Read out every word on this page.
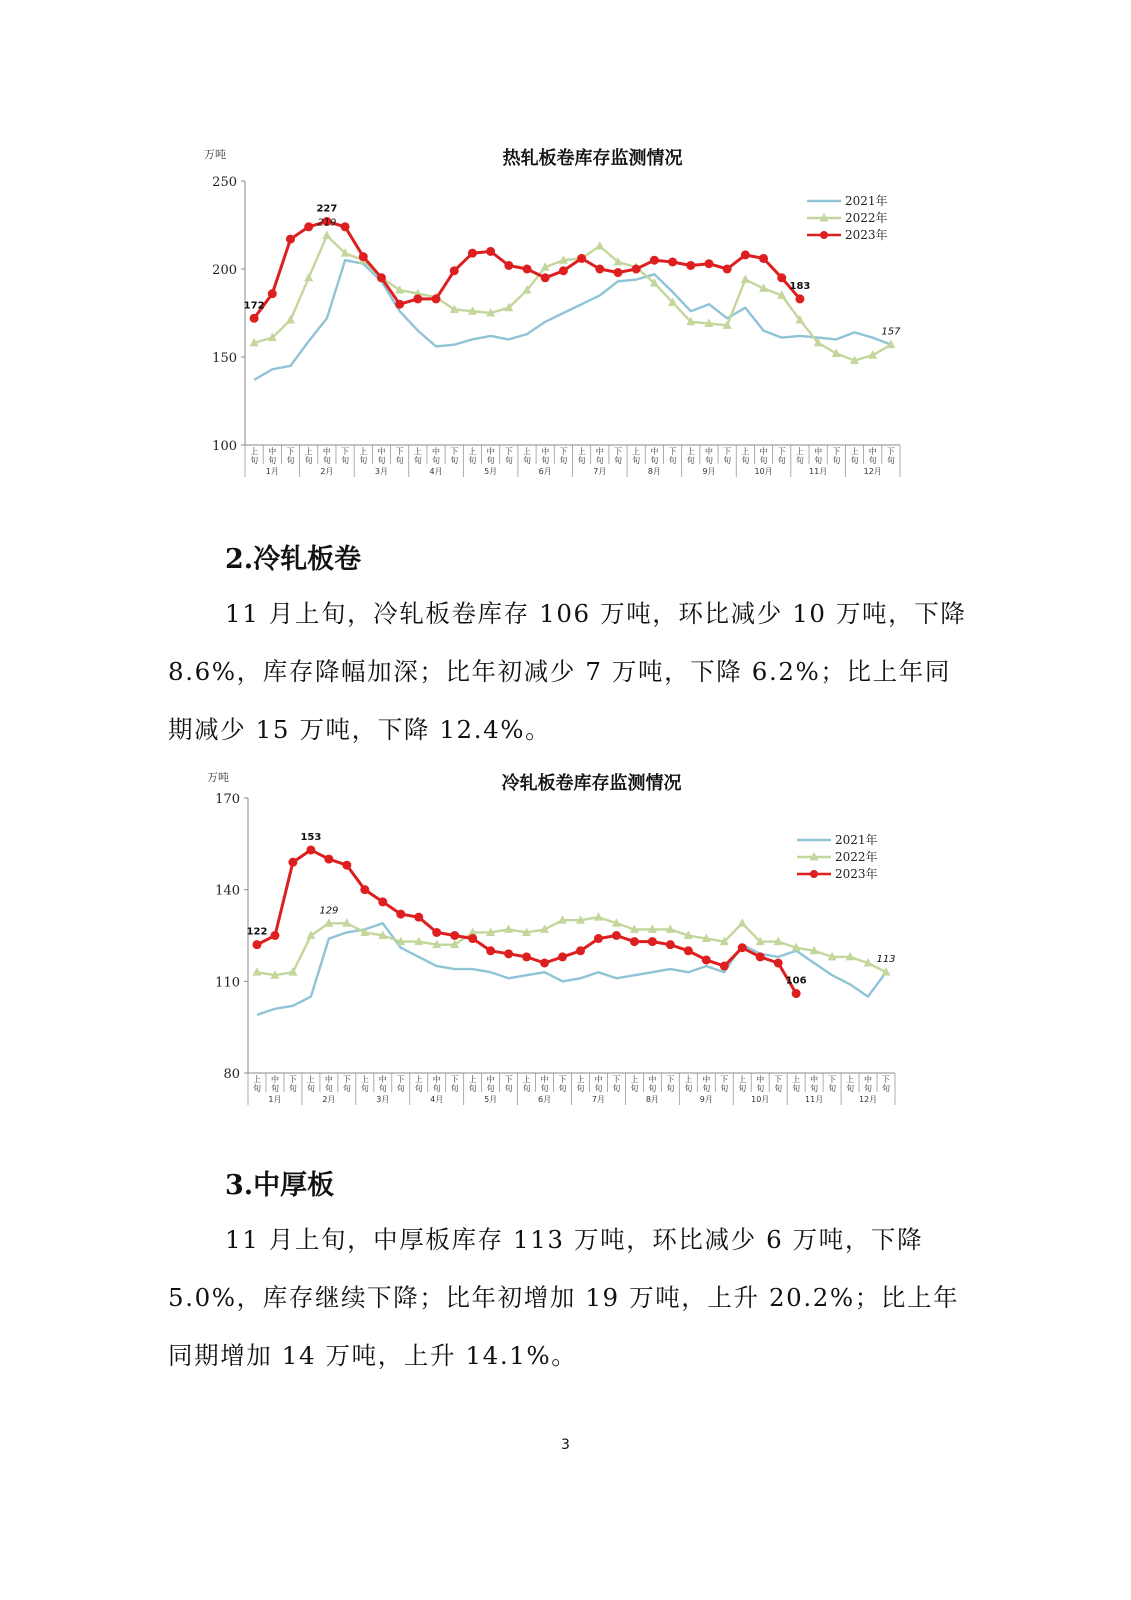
热轧板卷库存监测情况
万吨
100
150
200
250
上
旬
中
旬
下
旬
上
旬
中
旬
下
旬
上
旬
中
旬
下
旬
上
旬
中
旬
下
旬
上
旬
中
旬
下
旬
上
旬
中
旬
下
旬
上
旬
中
旬
下
旬
上
旬
中
旬
下
旬
上
旬
中
旬
下
旬
上
旬
中
旬
下
旬
上
旬
中
旬
下
旬
上
旬
中
旬
下
旬
1月	2月	3月	4月	5月	6月	7月	8月	9月	10月	11月	12月
2021年
2022年
2023年
172
227
219
183
157
2.冷轧板卷

11 月上旬，冷轧板卷库存 106 万吨，环比减少 10 万吨，下降 8.6%，库存降幅加深；比年初减少 7 万吨，下降 6.2%；比上年同期减少 15 万吨，下降 12.4%。

冷轧板卷库存监测情况
万吨
80
110
140
170
上
旬
中
旬
下
旬
上
旬
中
旬
下
旬
上
旬
中
旬
下
旬
上
旬
中
旬
下
旬
上
旬
中
旬
下
旬
上
旬
中
旬
下
旬
上
旬
中
旬
下
旬
上
旬
中
旬
下
旬
上
旬
中
旬
下
旬
上
旬
中
旬
下
旬
上
旬
中
旬
下
旬
上
旬
中
旬
下
旬
1月	2月	3月	4月	5月	6月	7月	8月	9月	10月	11月	12月
2021年
2022年
2023年
122
153
129
106
113
3.中厚板

11 月上旬，中厚板库存 113 万吨，环比减少 6 万吨，下降 5.0%，库存继续下降；比年初增加 19 万吨，上升 20.2%；比上年同期增加 14 万吨，上升 14.1%。

3
